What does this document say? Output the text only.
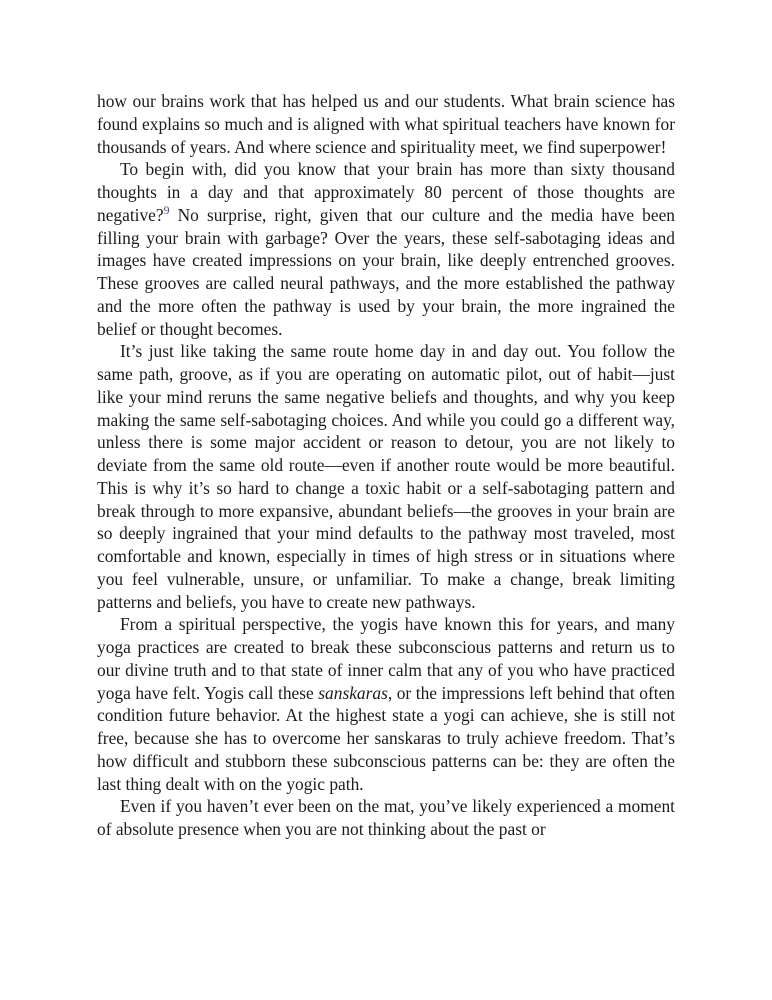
how our brains work that has helped us and our students. What brain science has found explains so much and is aligned with what spiritual teachers have known for thousands of years. And where science and spirituality meet, we find superpower!

To begin with, did you know that your brain has more than sixty thousand thoughts in a day and that approximately 80 percent of those thoughts are negative?$^9$ No surprise, right, given that our culture and the media have been filling your brain with garbage? Over the years, these self-sabotaging ideas and images have created impressions on your brain, like deeply entrenched grooves. These grooves are called neural pathways, and the more established the pathway and the more often the pathway is used by your brain, the more ingrained the belief or thought becomes.

It’s just like taking the same route home day in and day out. You follow the same path, groove, as if you are operating on automatic pilot, out of habit—just like your mind reruns the same negative beliefs and thoughts, and why you keep making the same self-sabotaging choices. And while you could go a different way, unless there is some major accident or reason to detour, you are not likely to deviate from the same old route—even if another route would be more beautiful. This is why it’s so hard to change a toxic habit or a self-sabotaging pattern and break through to more expansive, abundant beliefs—the grooves in your brain are so deeply ingrained that your mind defaults to the pathway most traveled, most comfortable and known, especially in times of high stress or in situations where you feel vulnerable, unsure, or unfamiliar. To make a change, break limiting patterns and beliefs, you have to create new pathways.

From a spiritual perspective, the yogis have known this for years, and many yoga practices are created to break these subconscious patterns and return us to our divine truth and to that state of inner calm that any of you who have practiced yoga have felt. Yogis call these sanskaras, or the impressions left behind that often condition future behavior. At the highest state a yogi can achieve, she is still not free, because she has to overcome her sanskaras to truly achieve freedom. That’s how difficult and stubborn these subconscious patterns can be: they are often the last thing dealt with on the yogic path.

Even if you haven’t ever been on the mat, you’ve likely experienced a moment of absolute presence when you are not thinking about the past or
